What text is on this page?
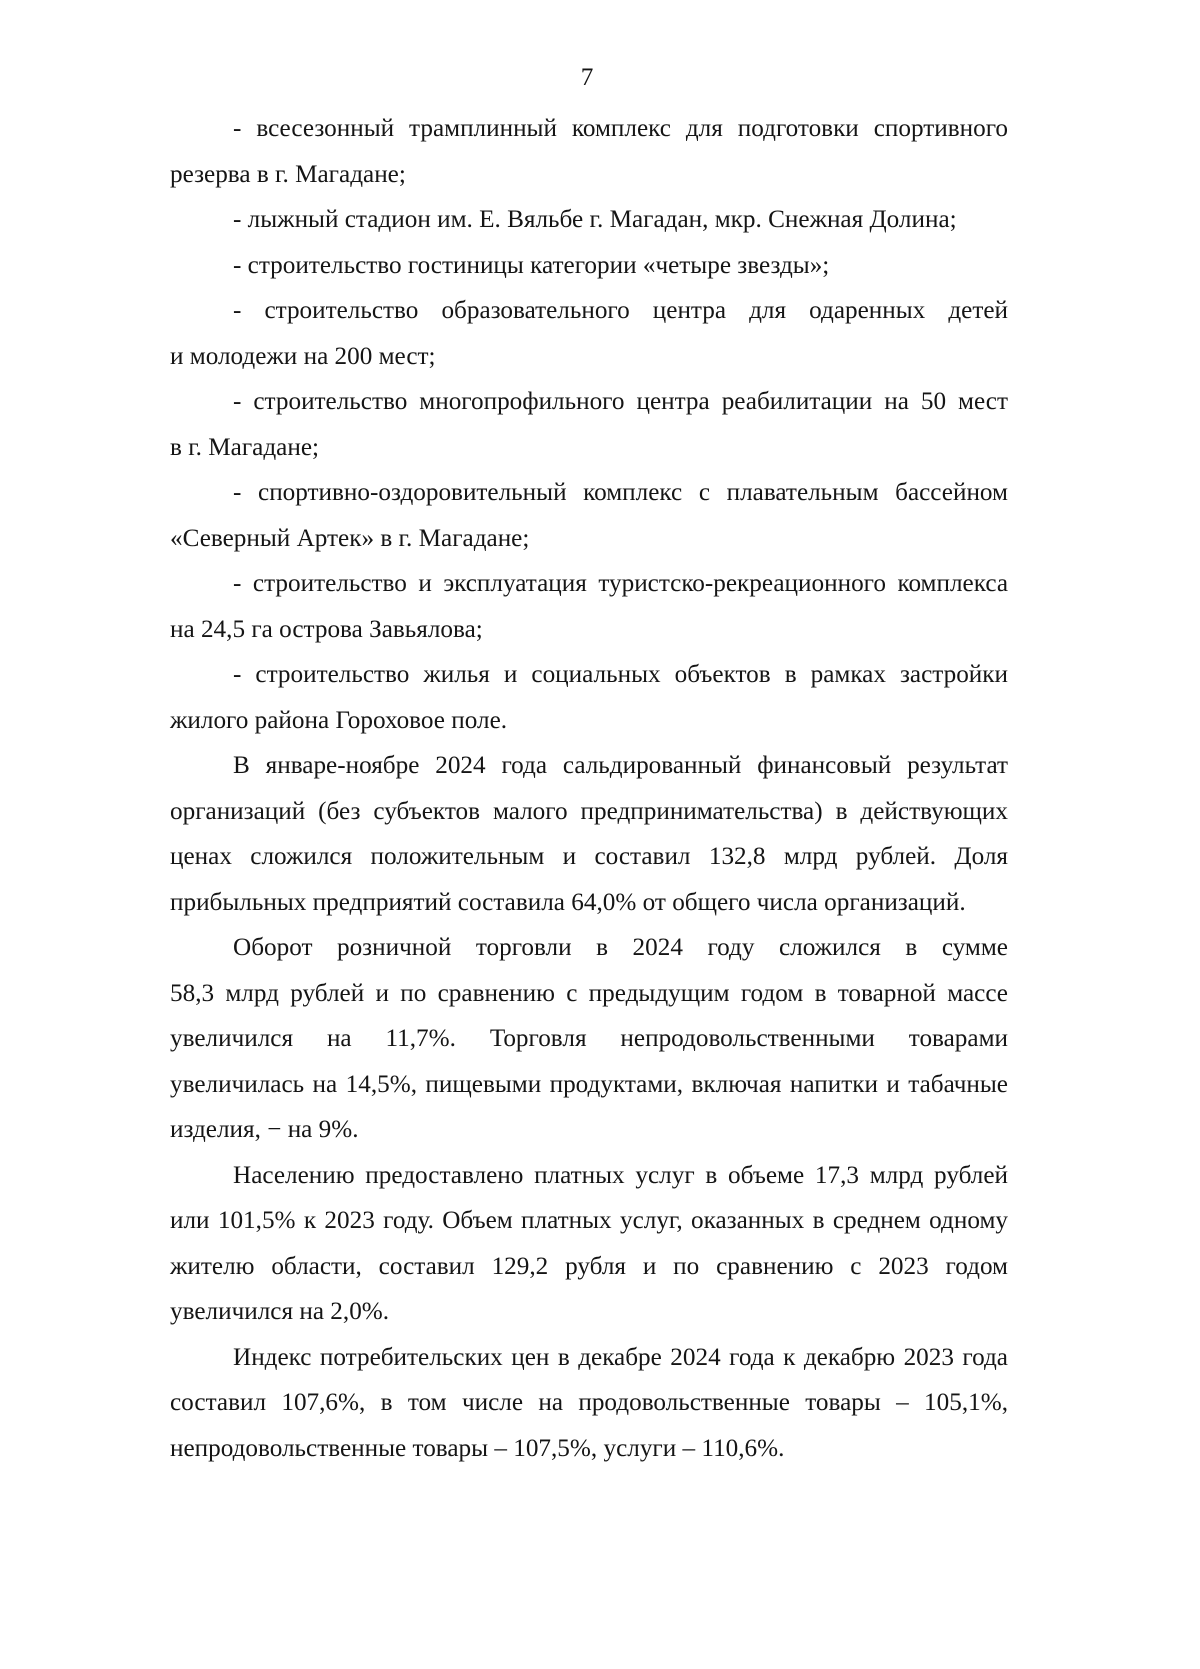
7
- всесезонный трамплинный комплекс для подготовки спортивного
резерва в г. Магадане;
- лыжный стадион им. Е. Вяльбе г. Магадан, мкр. Снежная Долина;
- строительство гостиницы категории «четыре звезды»;
- строительство образовательного центра для одаренных детей
и молодежи на 200 мест;
- строительство многопрофильного центра реабилитации на 50 мест
в г. Магадане;
- спортивно-оздоровительный комплекс с плавательным бассейном
«Северный Артек» в г. Магадане;
- строительство и эксплуатация туристско-рекреационного комплекса
на 24,5 га острова Завьялова;
- строительство жилья и социальных объектов в рамках застройки
жилого района Гороховое поле.
В январе-ноябре 2024 года сальдированный финансовый результат
организаций (без субъектов малого предпринимательства) в действующих
ценах сложился положительным и составил 132,8 млрд рублей. Доля
прибыльных предприятий составила 64,0% от общего числа организаций.
Оборот розничной торговли в 2024 году сложился в сумме
58,3 млрд рублей и по сравнению с предыдущим годом в товарной массе
увеличился на 11,7%. Торговля непродовольственными товарами
увеличилась на 14,5%, пищевыми продуктами, включая напитки и табачные
изделия, − на 9%.
Населению предоставлено платных услуг в объеме 17,3 млрд рублей
или 101,5% к 2023 году. Объем платных услуг, оказанных в среднем одному
жителю области, составил 129,2 рубля и по сравнению с 2023 годом
увеличился на 2,0%.
Индекс потребительских цен в декабре 2024 года к декабрю 2023 года
составил 107,6%, в том числе на продовольственные товары – 105,1%,
непродовольственные товары – 107,5%, услуги – 110,6%.
